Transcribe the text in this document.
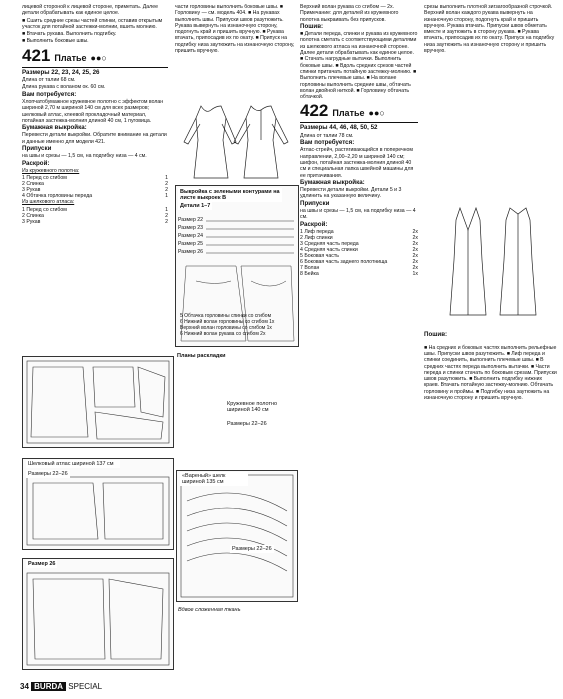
лицевой стороной к лицевой стороне, приметать. Далее детали обрабатывать как единое целое.

■ Сшить средние срезы частей спинки, оставив открытым участок для потайной застежки-молнии, вшить молнию.

■ Втачать рукава. Выполнить подгибку.

■ Выполнить боковые швы.

421 Платье ●●○

Размеры 22, 23, 24, 25, 26

Длина от талии 68 см.

Длина рукава с воланом ок. 60 см.

Вам потребуется:

Хлопчатобумажное кружевное полотно с эффектом волан шириной 2,70 м шириной 140 см для всех размеров; шелковый атлас, клеевой прокладочный материал, потайная застежка-молния длиной 40 см, 1 пуговица.

Бумажная выкройка:

Перевести детали выкройки. Обратите внимание на детали и данные именно для модели 421.

Припуски

на швы и срезы — 1,5 см, на подгибку низа — 4 см.

Раскрой:

Из кружевного полотна:

1 Перед со сгибом	1
2 Спинка	2
3 Рукав	2
4 Обтачка горловины переда	1

Из шелкового атласа:

1 Перед со сгибом	1
2 Спинка	2
3 Рукав	2

части горловины выполнить боковые швы. ■ Горловину — см. модель 404. ■ На рукавах выполнить швы. Припуски швов разутюжить. Рукава вывернуть на изнаночную сторону, подогнуть край и пришить вручную. ■ Рукава втачать, припосадив их по окату. ■ Припуск на подгибку низа заутюжить на изнаночную сторону, пришить вручную.

Выкройка с зелеными контурами на листе выкроек В
Детали 1–7
Размер 22
Размер 23
Размер 24
Размер 25
Размер 26
Планы раскладки
Кружевное полотно шириной 140 см
Размеры 22–26
Шелковый атлас шириной 137 см
Размеры 22–26	«Вареный» шелк шириной 135 см
Размеры 22–26
Размер 26
Вдвое сложенная ткань
5 Обтачка горловины спинки со сгибом
6 Нижний волан горловины со сгибом 1x
Верхний волан горловины со сгибом 1x
6 Нижний волан рукава со сгибом 2x

Верхний волан рукава со сгибом — 2x. Примечание: для деталей из кружевного полотна выкраивать без припусков.

Пошив:

■ Детали переда, спинки и рукава из кружевного полотна сметать с соответствующими деталями из шелкового атласа на изнаночной стороне. Далее детали обрабатывать как единое целое. ■ Стачать нагрудные вытачки. Выполнить боковые швы. ■ Вдоль средних срезов частей спинки притачать потайную застежку-молнию. ■ Выполнить плечевые швы. ■ На волане горловины выполнить средние швы, обтачать волан двойной ниткой. ■ Горловину обтачать обтачкой.

422 Платье ●●○

Размеры 44, 46, 48, 50, 52

Длина от талии 78 см.

Вам потребуется:

Атлас-стрейч, растягивающийся в поперечном направлении, 2,00–2,20 м шириной 140 см; шифон, потайная застежка-молния длиной 40 см и специальная лапка швейной машины для ее притачивания.

Бумажная выкройка:

Перевести детали выкройки. Детали 5 и 3 удлинить на указанную величину.

Припуски

на швы и срезы — 1,5 см, на подгибку низа — 4 см.

Раскрой:

1 Лиф переда	2x
2 Лиф спинки	2x
3 Средняя часть переда	2x
4 Средняя часть спинки	2x
5 Боковая часть	2x
6 Боковая часть заднего полотнища	2x
7 Волан	2x
8 Бейка	1x

срезы выполнить плотной зигзагообразной строчкой. Верхний волан каждого рукава вывернуть на изнаночную сторону, подогнуть край и пришить вручную. Рукава втачать. Припуски швов обметать вместе и заутюжить в сторону рукава. ■ Рукава втачать, припосадив их по окату. Припуск на подгибку низа заутюжить на изнаночную сторону и пришить вручную.

Пошив:

■ На средних и боковых частях выполнить рельефные швы. Припуски швов разутюжить. ■ Лиф переда и спинки соединить, выполнить плечевые швы. ■ В средних частях переда выполнить вытачки. ■ Части переда и спинки стачать по боковым срезам. Припуски швов разутюжить. ■ Выполнить подгибку нижних краев. Втачать потайную застежку-молнию. Обтачать горловину и проймы. ■ Подгибку низа заутюжить на изнаночную сторону и пришить вручную.

34 BURDA SPECIAL
